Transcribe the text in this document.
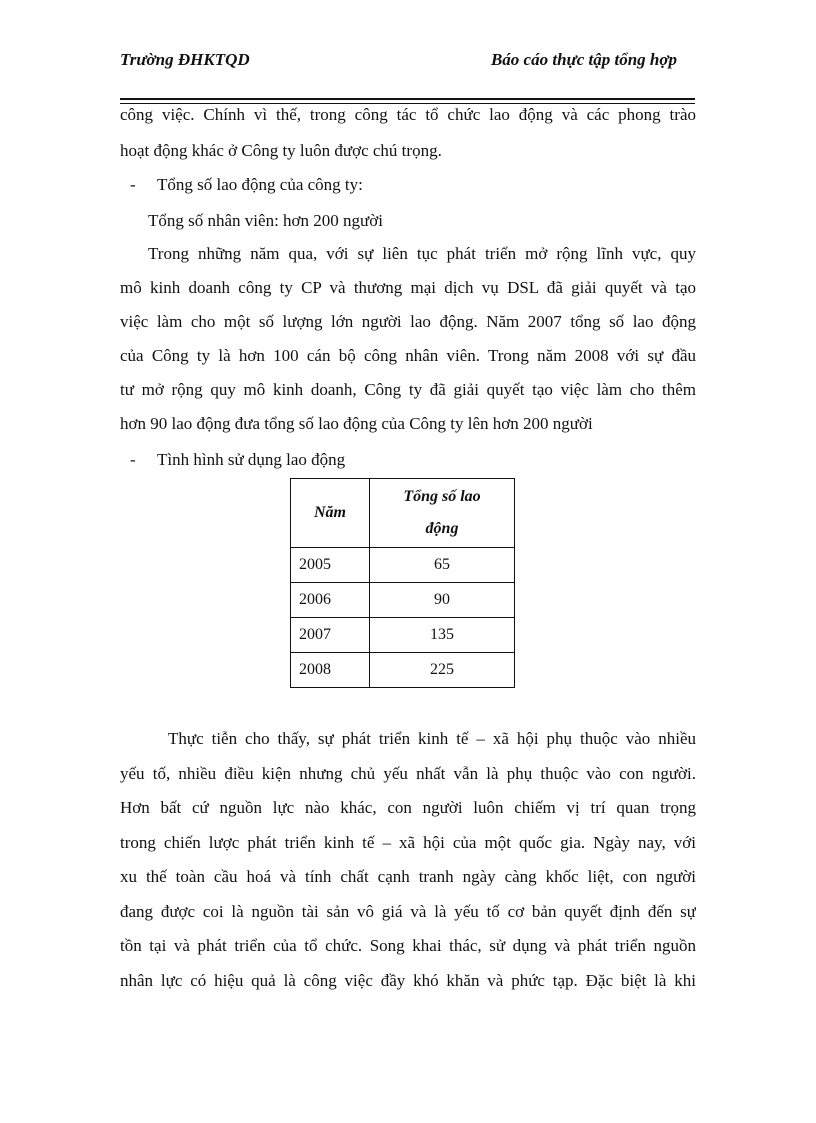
Trường ĐHKTQD	Báo cáo thực tập tổng hợp
công việc. Chính vì thế, trong công tác tổ chức lao động và các phong trào
hoạt động khác ở Công ty luôn được chú trọng.
- Tổng số lao động của công ty:
Tổng số nhân viên: hơn 200 người
Trong những năm qua, với sự liên tục phát triển mở rộng lĩnh vực, quy
mô kinh doanh công ty CP và thương mại dịch vụ DSL đã giải quyết và tạo
việc làm cho một số lượng lớn người lao động. Năm 2007 tổng số lao động
của Công ty là hơn 100 cán bộ công nhân viên. Trong năm 2008 với sự đầu
tư mở rộng quy mô kinh doanh, Công ty đã giải quyết tạo việc làm cho thêm
hơn 90 lao động đưa tổng số lao động của Công ty lên hơn 200 người
- Tình hình sử dụng lao động
Năm	Tổng số lao
động
2005	65
2006	90
2007	135
2008	225
Thực tiễn cho thấy, sự phát triển kinh tế – xã hội phụ thuộc vào nhiều
yếu tố, nhiều điều kiện nhưng chủ yếu nhất vẫn là phụ thuộc vào con người.
Hơn bất cứ nguồn lực nào khác, con người luôn chiếm vị trí quan trọng
trong chiến lược phát triển kinh tế – xã hội của một quốc gia. Ngày nay, với
xu thế toàn cầu hoá và tính chất cạnh tranh ngày càng khốc liệt, con người
đang được coi là nguồn tài sản vô giá và là yếu tố cơ bản quyết định đến sự
tồn tại và phát triển của tổ chức. Song khai thác, sử dụng và phát triển nguồn
nhân lực có hiệu quả là công việc đầy khó khăn và phức tạp. Đặc biệt là khi
